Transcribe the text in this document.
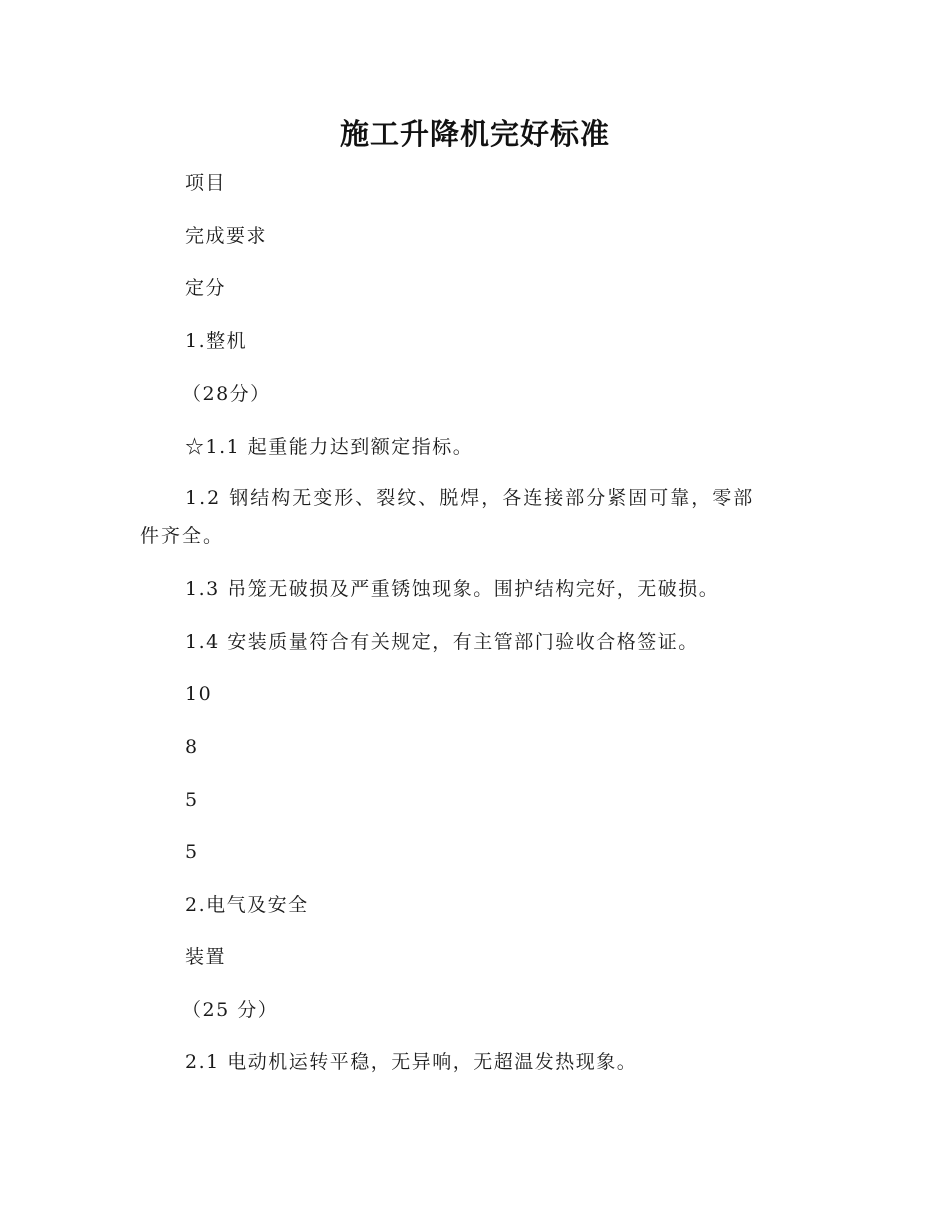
施工升降机完好标准

项目

完成要求

定分

1.整机

（28分）

☆1.1 起重能力达到额定指标。

1.2 钢结构无变形、裂纹、脱焊，各连接部分紧固可靠，零部件齐全。

1.3 吊笼无破损及严重锈蚀现象。围护结构完好，无破损。

1.4 安装质量符合有关规定，有主管部门验收合格签证。

10

8

5

5

2.电气及安全

装置

（25 分）

2.1 电动机运转平稳，无异响，无超温发热现象。
